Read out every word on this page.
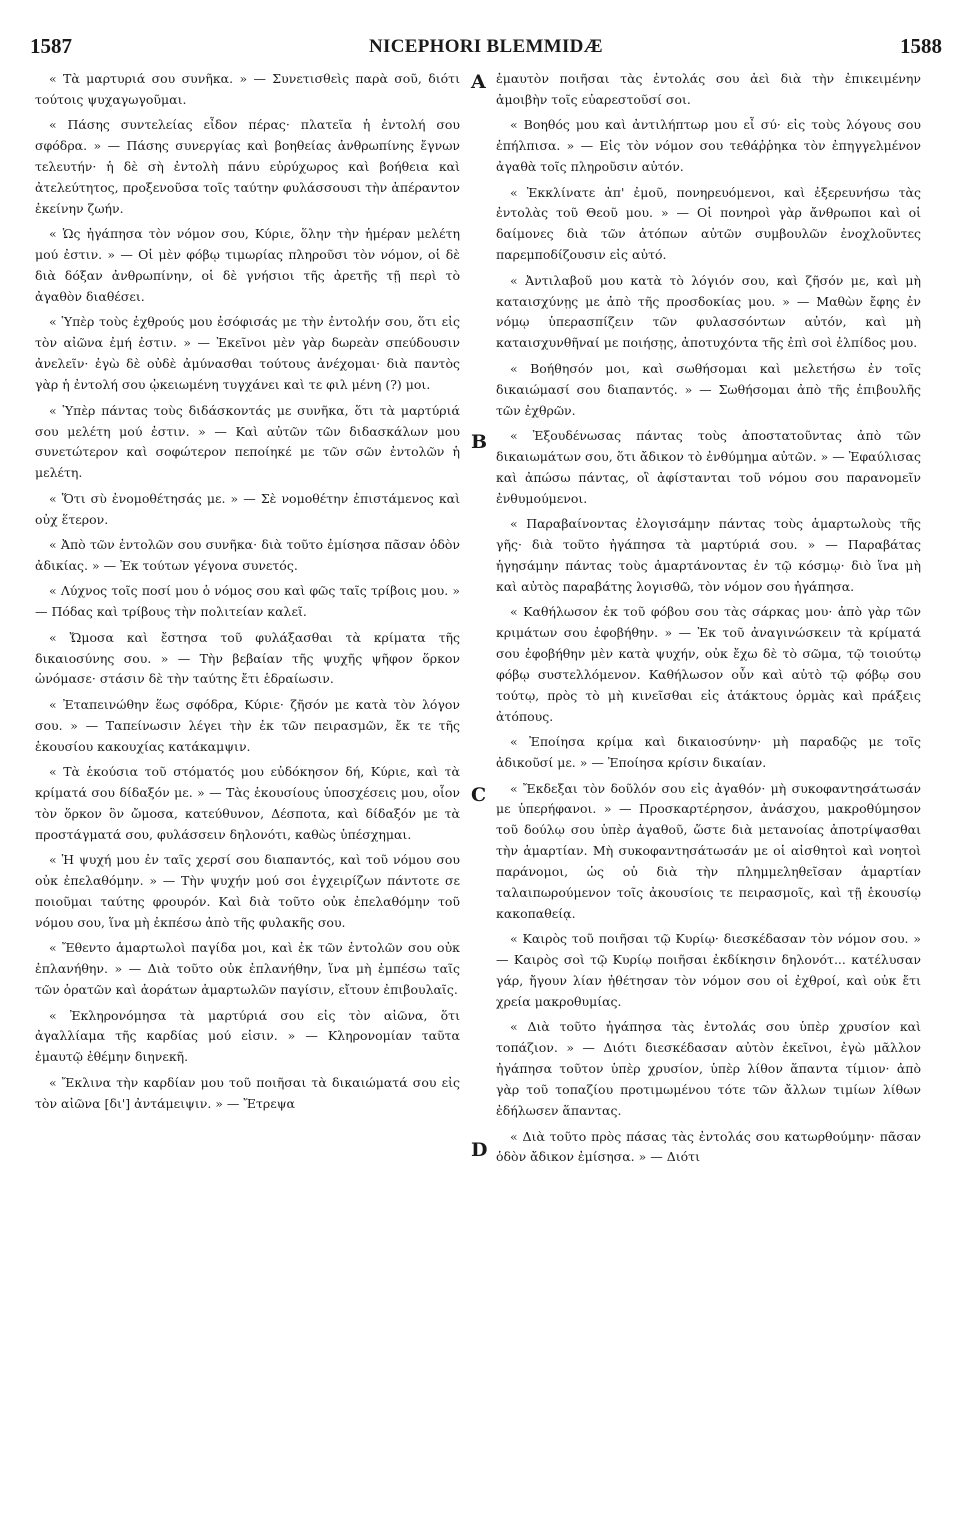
1587	NICEPHORI BLEMMIDÆ	1588

« Τὰ μαρτυριά σου συνῆκα. » — Συνετισθεὶς παρὰ σοῦ, διότι τούτοις ψυχαγωγοῦμαι.

« Πάσης συντελείας εἶδον πέρας· πλατεῖα ἡ ἐντολή σου σφόδρα. » — Πάσης συνεργίας καὶ βοηθείας ἀνθρωπίνης ἔγνων τελευτήν· ἡ δὲ σὴ ἐντολὴ πάνυ εὐρύχωρος καὶ βοήθεια καὶ ἀτελεύτητος, προξενοῦσα τοῖς ταύτην φυλάσσουσι τὴν ἀπέραντον ἐκείνην ζωήν.

« Ὡς ἠγάπησα τὸν νόμον σου, Κύριε, ὅλην τὴν ἡμέραν μελέτη μού ἐστιν. » — Οἱ μὲν φόβῳ τιμωρίας πληροῦσι τὸν νόμον, οἱ δὲ διὰ δόξαν ἀνθρωπίνην, οἱ δὲ γνήσιοι τῆς ἀρετῆς τῇ περὶ τὸ ἀγαθὸν διαθέσει.

« Ὑπὲρ τοὺς ἐχθρούς μου ἐσόφισάς με τὴν ἐντολήν σου, ὅτι εἰς τὸν αἰῶνα ἐμή ἐστιν. » — Ἐκεῖνοι μὲν γὰρ δωρεὰν σπεύδουσιν ἀνελεῖν· ἐγὼ δὲ οὐδὲ ἀμύνασθαι τούτους ἀνέχομαι· διὰ παντὸς γὰρ ἡ ἐντολή σου ᾠκειωμένη τυγχάνει καὶ τε φιλ μένη (?) μοι.

« Ὑπὲρ πάντας τοὺς διδάσκοντάς με συνῆκα, ὅτι τὰ μαρτύριά σου μελέτη μού ἐστιν. » — Καὶ αὐτῶν τῶν διδασκάλων μου συνετώτερον καὶ σοφώτερον πεποίηκέ με τῶν σῶν ἐντολῶν ἡ μελέτη.

« Ὅτι σὺ ἐνομοθέτησάς με. » — Σὲ νομοθέτην ἐπιστάμενος καὶ οὐχ ἕτερον.

« Ἀπὸ τῶν ἐντολῶν σου συνῆκα· διὰ τοῦτο ἐμίσησα πᾶσαν ὁδὸν ἀδικίας. » — Ἐκ τούτων γέγονα συνετός.

« Λύχνος τοῖς ποσί μου ὁ νόμος σου καὶ φῶς ταῖς τρίβοις μου. » — Πόδας καὶ τρίβους τὴν πολιτείαν καλεῖ.

« Ὤμοσα καὶ ἔστησα τοῦ φυλάξασθαι τὰ κρίματα τῆς δικαιοσύνης σου. » — Τὴν βεβαίαν τῆς ψυχῆς ψῆφον ὅρκον ὠνόμασε· στάσιν δὲ τὴν ταύτης ἔτι ἑδραίωσιν.

« Ἐταπεινώθην ἕως σφόδρα, Κύριε· ζῆσόν με κατὰ τὸν λόγον σου. » — Ταπείνωσιν λέγει τὴν ἐκ τῶν πειρασμῶν, ἔκ τε τῆς ἑκουσίου κακουχίας κατάκαμψιν.

« Τὰ ἑκούσια τοῦ στόματός μου εὐδόκησον δή, Κύριε, καὶ τὰ κρίματά σου δίδαξόν με. » — Τὰς ἑκουσίους ὑποσχέσεις μου, οἷον τὸν ὅρκον ὃν ὤμοσα, κατεύθυνον, Δέσποτα, καὶ δίδαξόν με τὰ προστάγματά σου, φυλάσσειν δηλονότι, καθὼς ὑπέσχημαι.

« Ἡ ψυχή μου ἐν ταῖς χερσί σου διαπαντός, καὶ τοῦ νόμου σου οὐκ ἐπελαθόμην. » — Τὴν ψυχήν μού σοι ἐγχειρίζων πάντοτε σε ποιοῦμαι ταύτης φρουρόν. Καὶ διὰ τοῦτο οὐκ ἐπελαθόμην τοῦ νόμου σου, ἵνα μὴ ἐκπέσω ἀπὸ τῆς φυλακῆς σου.

« Ἔθεντο ἁμαρτωλοὶ παγίδα μοι, καὶ ἐκ τῶν ἐντολῶν σου οὐκ ἐπλανήθην. » — Διὰ τοῦτο οὐκ ἐπλανήθην, ἵνα μὴ ἐμπέσω ταῖς τῶν ὁρατῶν καὶ ἀοράτων ἁμαρτωλῶν παγίσιν, εἴτουν ἐπιβουλαῖς.

« Ἐκληρονόμησα τὰ μαρτύριά σου εἰς τὸν αἰῶνα, ὅτι ἀγαλλίαμα τῆς καρδίας μού εἰσιν. » — Κληρονομίαν ταῦτα ἐμαυτῷ ἐθέμην διηνεκῆ.

« Ἔκλινα τὴν καρδίαν μου τοῦ ποιῆσαι τὰ δικαιώματά σου εἰς τὸν αἰῶνα [δι'] ἀντάμειψιν. » — Ἔτρεψα

A
B
C
D

ἐμαυτὸν ποιῆσαι τὰς ἐντολάς σου ἀεὶ διὰ τὴν ἐπικειμένην ἀμοιβὴν τοῖς εὐαρεστοῦσί σοι.

« Βοηθός μου καὶ ἀντιλήπτωρ μου εἶ σύ· εἰς τοὺς λόγους σου ἐπήλπισα. » — Εἰς τὸν νόμον σου τεθάῤῥηκα τὸν ἐπηγγελμένον ἀγαθὰ τοῖς πληροῦσιν αὐτόν.

« Ἐκκλίνατε ἀπ' ἐμοῦ, πονηρευόμενοι, καὶ ἐξερευνήσω τὰς ἐντολὰς τοῦ Θεοῦ μου. » — Οἱ πονηροὶ γὰρ ἄνθρωποι καὶ οἱ δαίμονες διὰ τῶν ἀτόπων αὐτῶν συμβουλῶν ἐνοχλοῦντες παρεμποδίζουσιν εἰς αὐτό.

« Ἀντιλαβοῦ μου κατὰ τὸ λόγιόν σου, καὶ ζῆσόν με, καὶ μὴ καταισχύνῃς με ἀπὸ τῆς προσδοκίας μου. » — Μαθὼν ἔφης ἐν νόμῳ ὑπερασπίζειν τῶν φυλασσόντων αὐτόν, καὶ μὴ καταισχυνθῆναί με ποιήσῃς, ἀποτυχόντα τῆς ἐπὶ σοὶ ἐλπίδος μου.

« Βοήθησόν μοι, καὶ σωθήσομαι καὶ μελετήσω ἐν τοῖς δικαιώμασί σου διαπαντός. » — Σωθήσομαι ἀπὸ τῆς ἐπιβουλῆς τῶν ἐχθρῶν.

« Ἐξουδένωσας πάντας τοὺς ἀποστατοῦντας ἀπὸ τῶν δικαιωμάτων σου, ὅτι ἄδικον τὸ ἐνθύμημα αὐτῶν. » — Ἐφαύλισας καὶ ἀπώσω πάντας, οἳ ἀφίστανται τοῦ νόμου σου παρανομεῖν ἐνθυμούμενοι.

« Παραβαίνοντας ἐλογισάμην πάντας τοὺς ἁμαρτωλοὺς τῆς γῆς· διὰ τοῦτο ἠγάπησα τὰ μαρτύριά σου. » — Παραβάτας ἡγησάμην πάντας τοὺς ἁμαρτάνοντας ἐν τῷ κόσμῳ· διὸ ἵνα μὴ καὶ αὐτὸς παραβάτης λογισθῶ, τὸν νόμον σου ἠγάπησα.

« Καθήλωσον ἐκ τοῦ φόβου σου τὰς σάρκας μου· ἀπὸ γὰρ τῶν κριμάτων σου ἐφοβήθην. » — Ἐκ τοῦ ἀναγινώσκειν τὰ κρίματά σου ἐφοβήθην μὲν κατὰ ψυχήν, οὐκ ἔχω δὲ τὸ σῶμα, τῷ τοιούτῳ φόβῳ συστελλόμενον. Καθήλωσον οὖν καὶ αὐτὸ τῷ φόβῳ σου τούτῳ, πρὸς τὸ μὴ κινεῖσθαι εἰς ἀτάκτους ὁρμὰς καὶ πράξεις ἀτόπους.

« Ἐποίησα κρίμα καὶ δικαιοσύνην· μὴ παραδῷς με τοῖς ἀδικοῦσί με. » — Ἐποίησα κρίσιν δικαίαν.

« Ἔκδεξαι τὸν δοῦλόν σου εἰς ἀγαθόν· μὴ συκοφαντησάτωσάν με ὑπερήφανοι. » — Προσκαρτέρησον, ἀνάσχου, μακροθύμησον τοῦ δούλῳ σου ὑπὲρ ἀγαθοῦ, ὥστε διὰ μετανοίας ἀποτρίψασθαι τὴν ἁμαρτίαν. Μὴ συκοφαντησάτωσάν με οἱ αἰσθητοὶ καὶ νοητοὶ παράνομοι, ὡς οὐ διὰ τὴν πλημμεληθεῖσαν ἁμαρτίαν ταλαιπωρούμενον τοῖς ἀκουσίοις τε πειρασμοῖς, καὶ τῇ ἑκουσίῳ κακοπαθείᾳ.

« Καιρὸς τοῦ ποιῆσαι τῷ Κυρίῳ· διεσκέδασαν τὸν νόμον σου. » — Καιρὸς σοὶ τῷ Κυρίῳ ποιῆσαι ἐκδίκησιν δηλονότ... κατέλυσαν γάρ, ἤγουν λίαν ἠθέτησαν τὸν νόμον σου οἱ ἐχθροί, καὶ οὐκ ἔτι χρεία μακροθυμίας.

« Διὰ τοῦτο ἠγάπησα τὰς ἐντολάς σου ὑπὲρ χρυσίον καὶ τοπάζιον. » — Διότι διεσκέδασαν αὐτὸν ἐκεῖνοι, ἐγὼ μᾶλλον ἠγάπησα τοῦτον ὑπὲρ χρυσίον, ὑπὲρ λίθον ἅπαντα τίμιον· ἀπὸ γὰρ τοῦ τοπαζίου προτιμωμένου τότε τῶν ἄλλων τιμίων λίθων ἐδήλωσεν ἅπαντας.

« Διὰ τοῦτο πρὸς πάσας τὰς ἐντολάς σου κατωρθούμην· πᾶσαν ὁδὸν ἄδικον ἐμίσησα. » — Διότι
